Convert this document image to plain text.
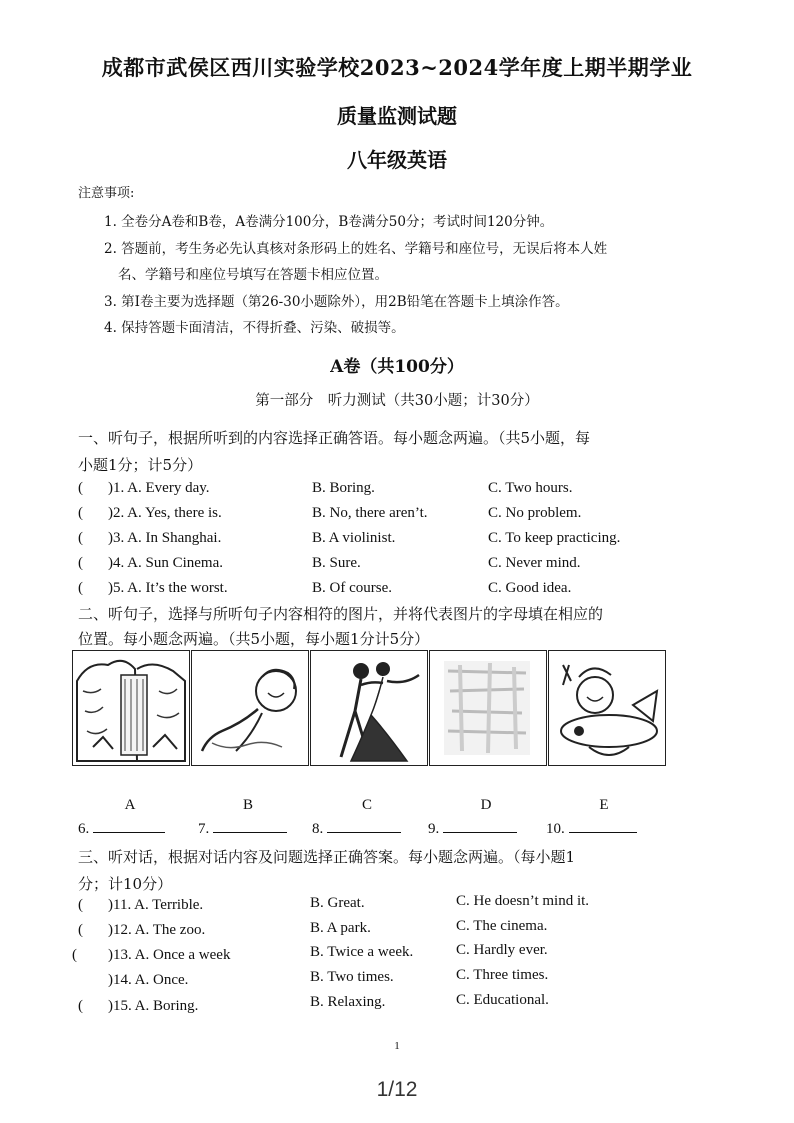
成都市武侯区西川实验学校2023~2024学年度上期半期学业
质量监测试题
八年级英语
注意事项:
1. 全卷分A卷和B卷，A卷满分100分，B卷满分50分；考试时间120分钟。
2. 答题前，考生务必先认真核对条形码上的姓名、学籍号和座位号，无误后将本人姓
名、学籍号和座位号填写在答题卡相应位置。
3. 第I卷主要为选择题（第26-30小题除外），用2B铅笔在答题卡上填涂作答。
4. 保持答题卡面清洁，不得折叠、污染、破损等。
A卷（共100分）
第一部分　听力测试（共30小题；计30分）
一、听句子，根据所听到的内容选择正确答语。每小题念两遍。（共5小题，每
小题1分；计5分）
( )1. A. Every day.	B. Boring.	C. Two hours.
( )2. A. Yes, there is.	B. No, there aren’t.	C. No problem.
( )3. A. In Shanghai.	B. A violinist.	C. To keep practicing.
( )4. A. Sun Cinema.	B. Sure.	C. Never mind.
( )5. A. It’s the worst.	B. Of course.	C. Good idea.
二、听句子，选择与所听句子内容相符的图片，并将代表图片的字母填在相应的
位置。每小题念两遍。（共5小题，每小题1分计5分）
A	B	C	D	E
6.	7.	8.	9.	10.
三、听对话，根据对话内容及问题选择正确答案。每小题念两遍。（每小题1
分；计10分）
( )11. A. Terrible.	B. Great.	C. He doesn’t mind it.
( )12. A. The zoo.	B. A park.	C. The cinema.
( )13. A. Once a week	B. Twice a week.	C. Hardly ever.
)14. A. Once.	B. Two times.	C. Three times.
( )15. A. Boring.	B. Relaxing.	C. Educational.
1
1/12
